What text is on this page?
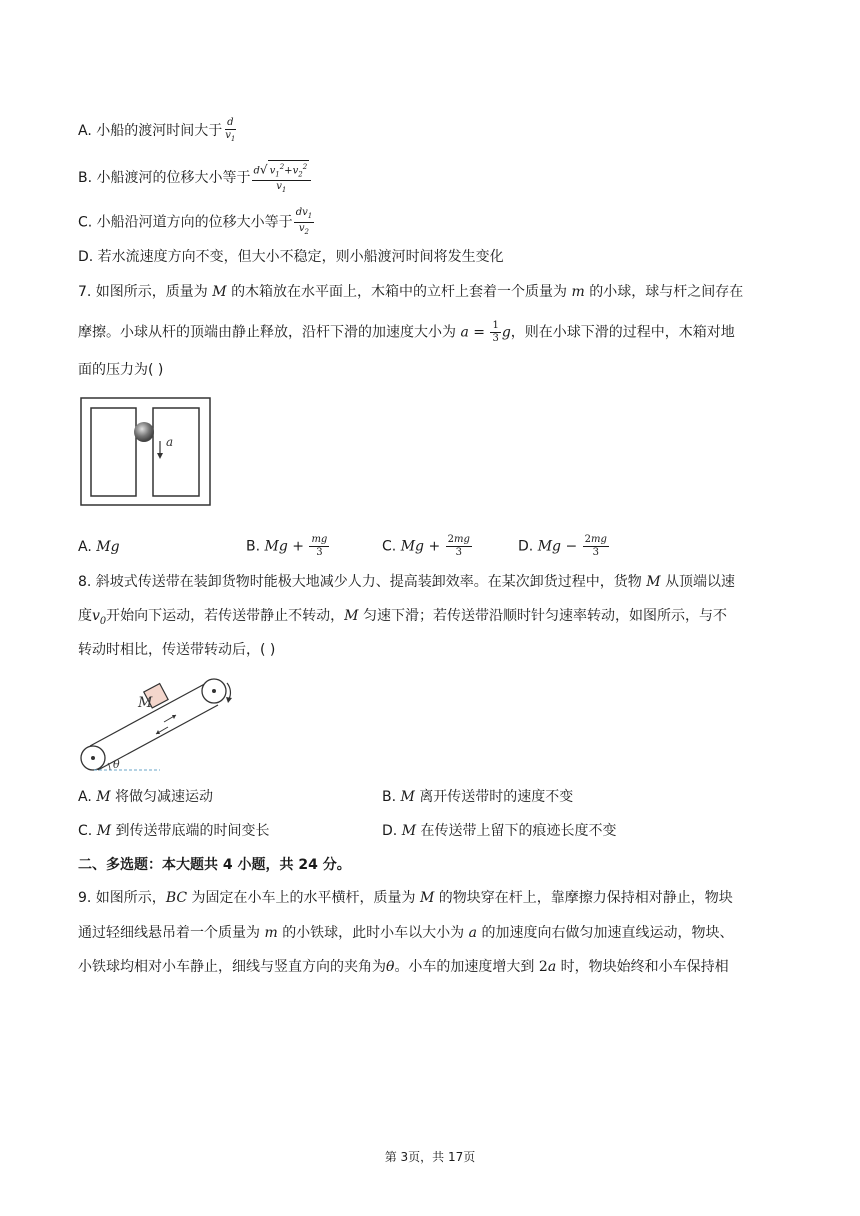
A. 小船的渡河时间大于 $\frac{d}{v_1}$
B. 小船渡河的位移大小等于 $\frac{d√ v_1^2+v_2^2}{v_1}$
C. 小船沿河道方向的位移大小等于 $\frac{dv_1}{v_2}$
D. 若水流速度方向不变，但大小不稳定，则小船渡河时间将发生变化
7. 如图所示，质量为 M 的木箱放在水平面上，木箱中的立杆上套着一个质量为 m 的小球，球与杆之间存在
摩擦。小球从杆的顶端由静止释放，沿杆下滑的加速度大小为 $a = \frac{1}{3}$ g，则在小球下滑的过程中，木箱对地
面的压力为( )
a
A. Mg	B. $Mg + \frac{mg}{3}$	C. $Mg + \frac{2mg}{3}$	D. $Mg - \frac{2mg}{3}$
8. 斜坡式传送带在装卸货物时能极大地减少人力、提高装卸效率。在某次卸货过程中，货物 M 从顶端以速
度$v_0$开始向下运动，若传送带静止不转动，M 匀速下滑；若传送带沿顺时针匀速率转动，如图所示，与不
转动时相比，传送带转动后，( )
M
θ
A. M 将做匀减速运动	B. M 离开传送带时的速度不变
C. M 到传送带底端的时间变长	D. M 在传送带上留下的痕迹长度不变
二、多选题：本大题共 4 小题，共 24 分。
9. 如图所示，BC 为固定在小车上的水平横杆，质量为 M 的物块穿在杆上，靠摩擦力保持相对静止，物块
通过轻细线悬吊着一个质量为 m 的小铁球，此时小车以大小为 a 的加速度向右做匀加速直线运动，物块、
小铁球均相对小车静止，细线与竖直方向的夹角为θ。小车的加速度增大到 2a 时，物块始终和小车保持相
第 3页，共 17页
